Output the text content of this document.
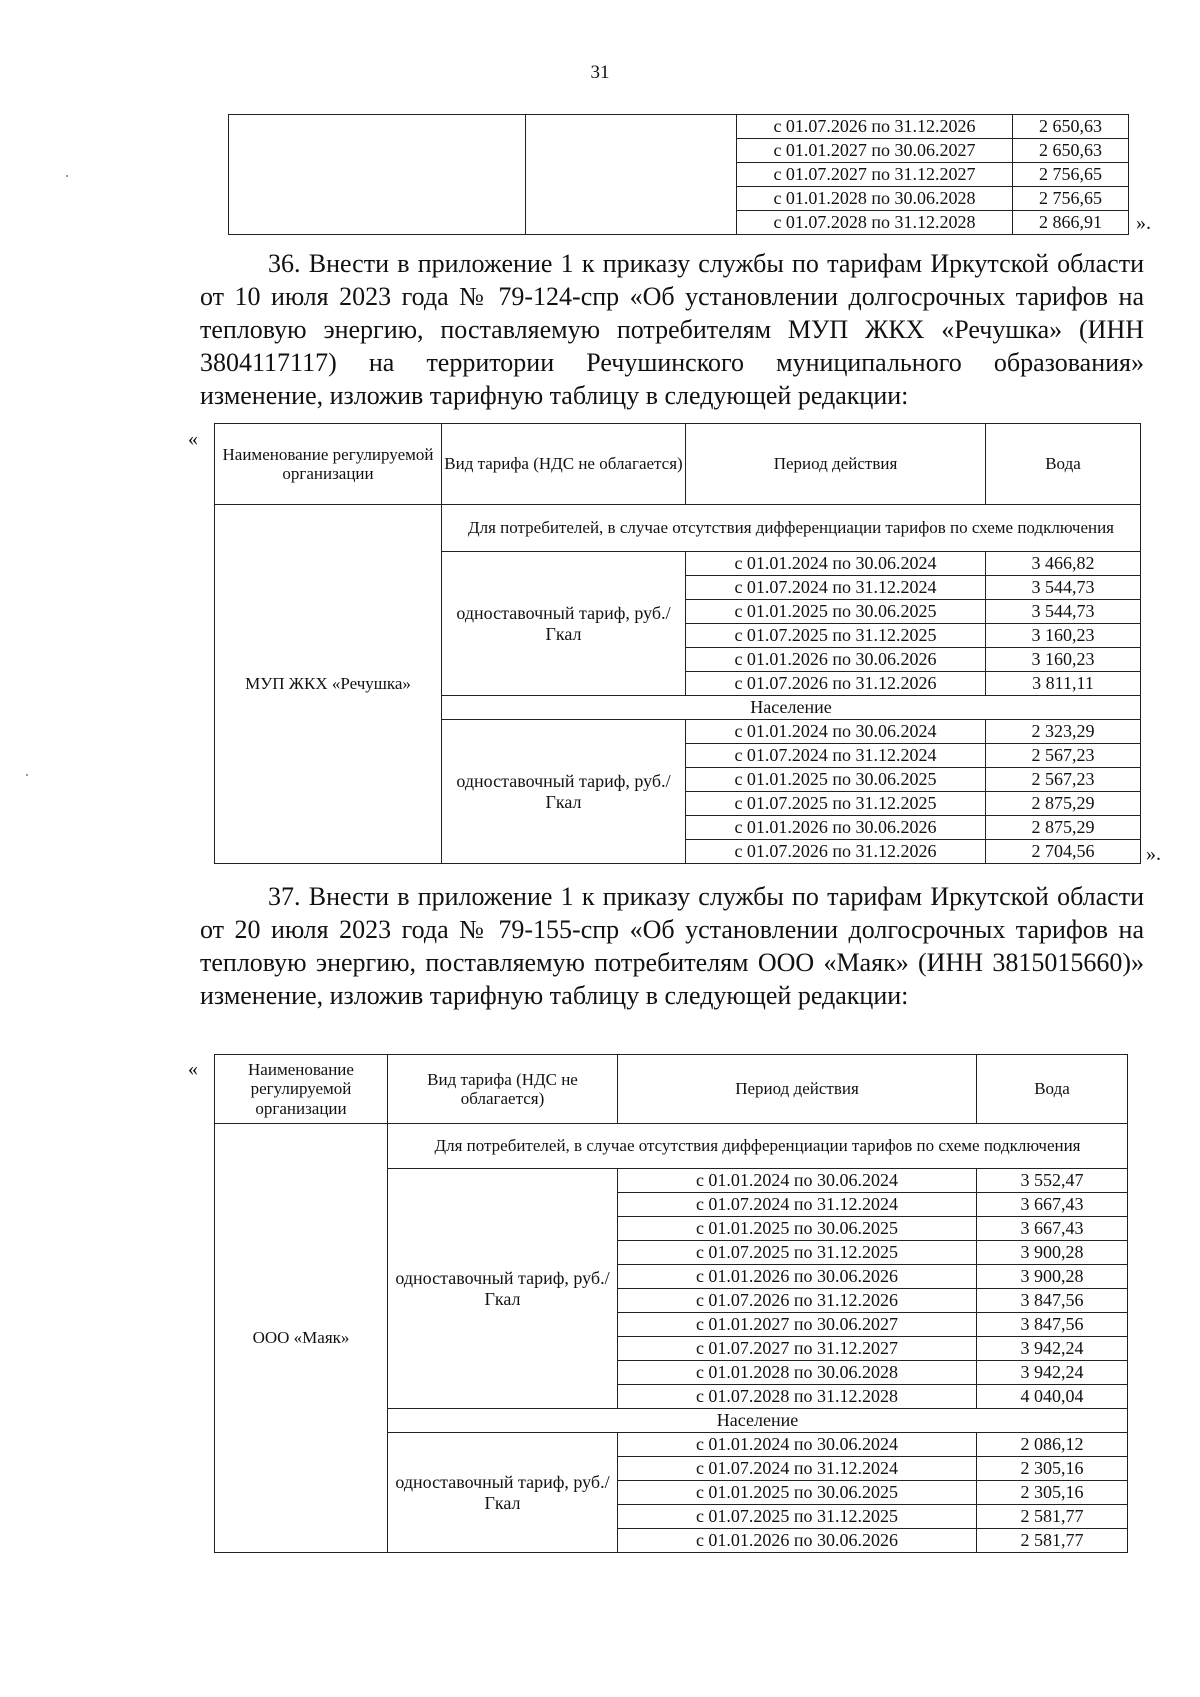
31
		с 01.07.2026 по 31.12.2026	2 650,63
		с 01.01.2027 по 30.06.2027	2 650,63
		с 01.07.2027 по 31.12.2027	2 756,65
		с 01.01.2028 по 30.06.2028	2 756,65
		с 01.07.2028 по 31.12.2028	2 866,91 ».
36. Внести в приложение 1 к приказу службы по тарифам Иркутской области от 10 июля 2023 года № 79-124-спр «Об установлении долгосрочных тарифов на тепловую энергию, поставляемую потребителям МУП ЖКХ «Речушка» (ИНН 3804117117) на территории Речушинского муниципального образования» изменение, изложив тарифную таблицу в следующей редакции:
«
Наименование регулируемой организации	Вид тарифа (НДС не облагается)	Период действия	Вода
МУП ЖКХ «Речушка»	Для потребителей, в случае отсутствия дифференциации тарифов по схеме подключения		
	одноставочный тариф, руб./Гкал	с 01.01.2024 по 30.06.2024	3 466,82
		с 01.07.2024 по 31.12.2024	3 544,73
		с 01.01.2025 по 30.06.2025	3 544,73
		с 01.07.2025 по 31.12.2025	3 160,23
		с 01.01.2026 по 30.06.2026	3 160,23
		с 01.07.2026 по 31.12.2026	3 811,11
	Население		
	одноставочный тариф, руб./Гкал	с 01.01.2024 по 30.06.2024	2 323,29
		с 01.07.2024 по 31.12.2024	2 567,23
		с 01.01.2025 по 30.06.2025	2 567,23
		с 01.07.2025 по 31.12.2025	2 875,29
		с 01.01.2026 по 30.06.2026	2 875,29
		с 01.07.2026 по 31.12.2026	2 704,56	».
37. Внести в приложение 1 к приказу службы по тарифам Иркутской области от 20 июля 2023 года № 79-155-спр «Об установлении долгосрочных тарифов на тепловую энергию, поставляемую потребителям ООО «Маяк» (ИНН 3815015660)» изменение, изложив тарифную таблицу в следующей редакции:
«	Наименование регулируемой организации	Вид тарифа (НДС не облагается)	Период действия	Вода
ООО «Маяк»	Для потребителей, в случае отсутствия дифференциации тарифов по схеме подключения		
	одноставочный тариф, руб./Гкал	с 01.01.2024 по 30.06.2024	3 552,47
		с 01.07.2024 по 31.12.2024	3 667,43
		с 01.01.2025 по 30.06.2025	3 667,43
		с 01.07.2025 по 31.12.2025	3 900,28
		с 01.01.2026 по 30.06.2026	3 900,28
		с 01.07.2026 по 31.12.2026	3 847,56
		с 01.01.2027 по 30.06.2027	3 847,56
		с 01.07.2027 по 31.12.2027	3 942,24
		с 01.01.2028 по 30.06.2028	3 942,24
		с 01.07.2028 по 31.12.2028	4 040,04
	Население		
	одноставочный тариф, руб./Гкал	с 01.01.2024 по 30.06.2024	2 086,12
		с 01.07.2024 по 31.12.2024	2 305,16
		с 01.01.2025 по 30.06.2025	2 305,16
		с 01.07.2025 по 31.12.2025	2 581,77
		с 01.01.2026 по 30.06.2026	2 581,77
